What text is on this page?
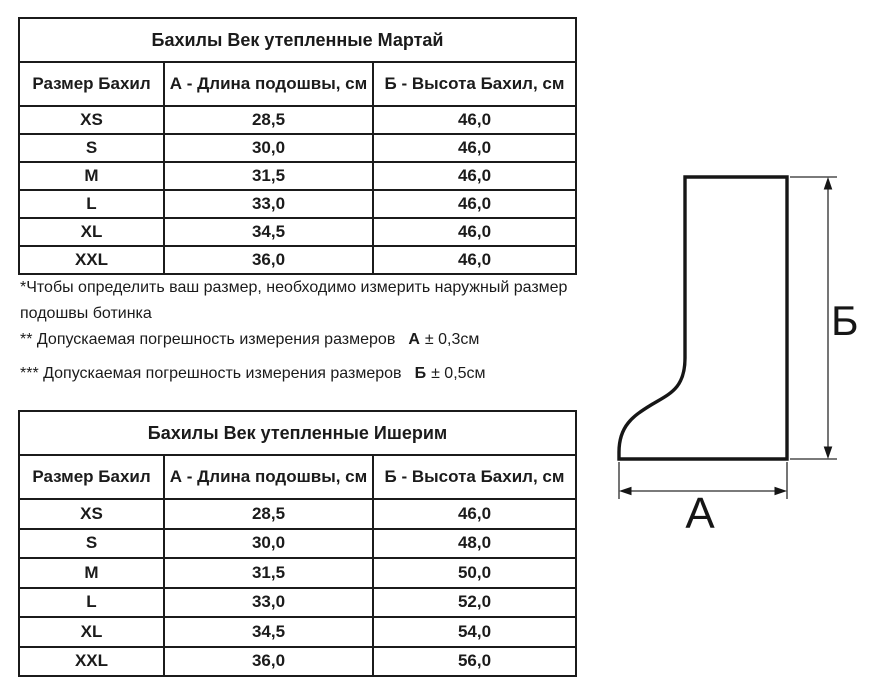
Бахилы Век утепленные Мартай		
Размер Бахил	А - Длина подошвы, см	Б - Высота Бахил, см
XS	28,5	46,0
S	30,0	46,0
M	31,5	46,0
L	33,0	46,0
XL	34,5	46,0
XXL	36,0	46,0

*Чтобы определить ваш размер, необходимо измерить наружный размер подошвы ботинка

** Допускаемая погрешность измерения размеров А ± 0,3см

*** Допускаемая погрешность измерения размеров Б ± 0,5см

Бахилы Век утепленные Ишерим		
Размер Бахил	А - Длина подошвы, см	Б - Высота Бахил, см
XS	28,5	46,0
S	30,0	48,0
M	31,5	50,0
L	33,0	52,0
XL	34,5	54,0
XXL	36,0	56,0
Б
А
